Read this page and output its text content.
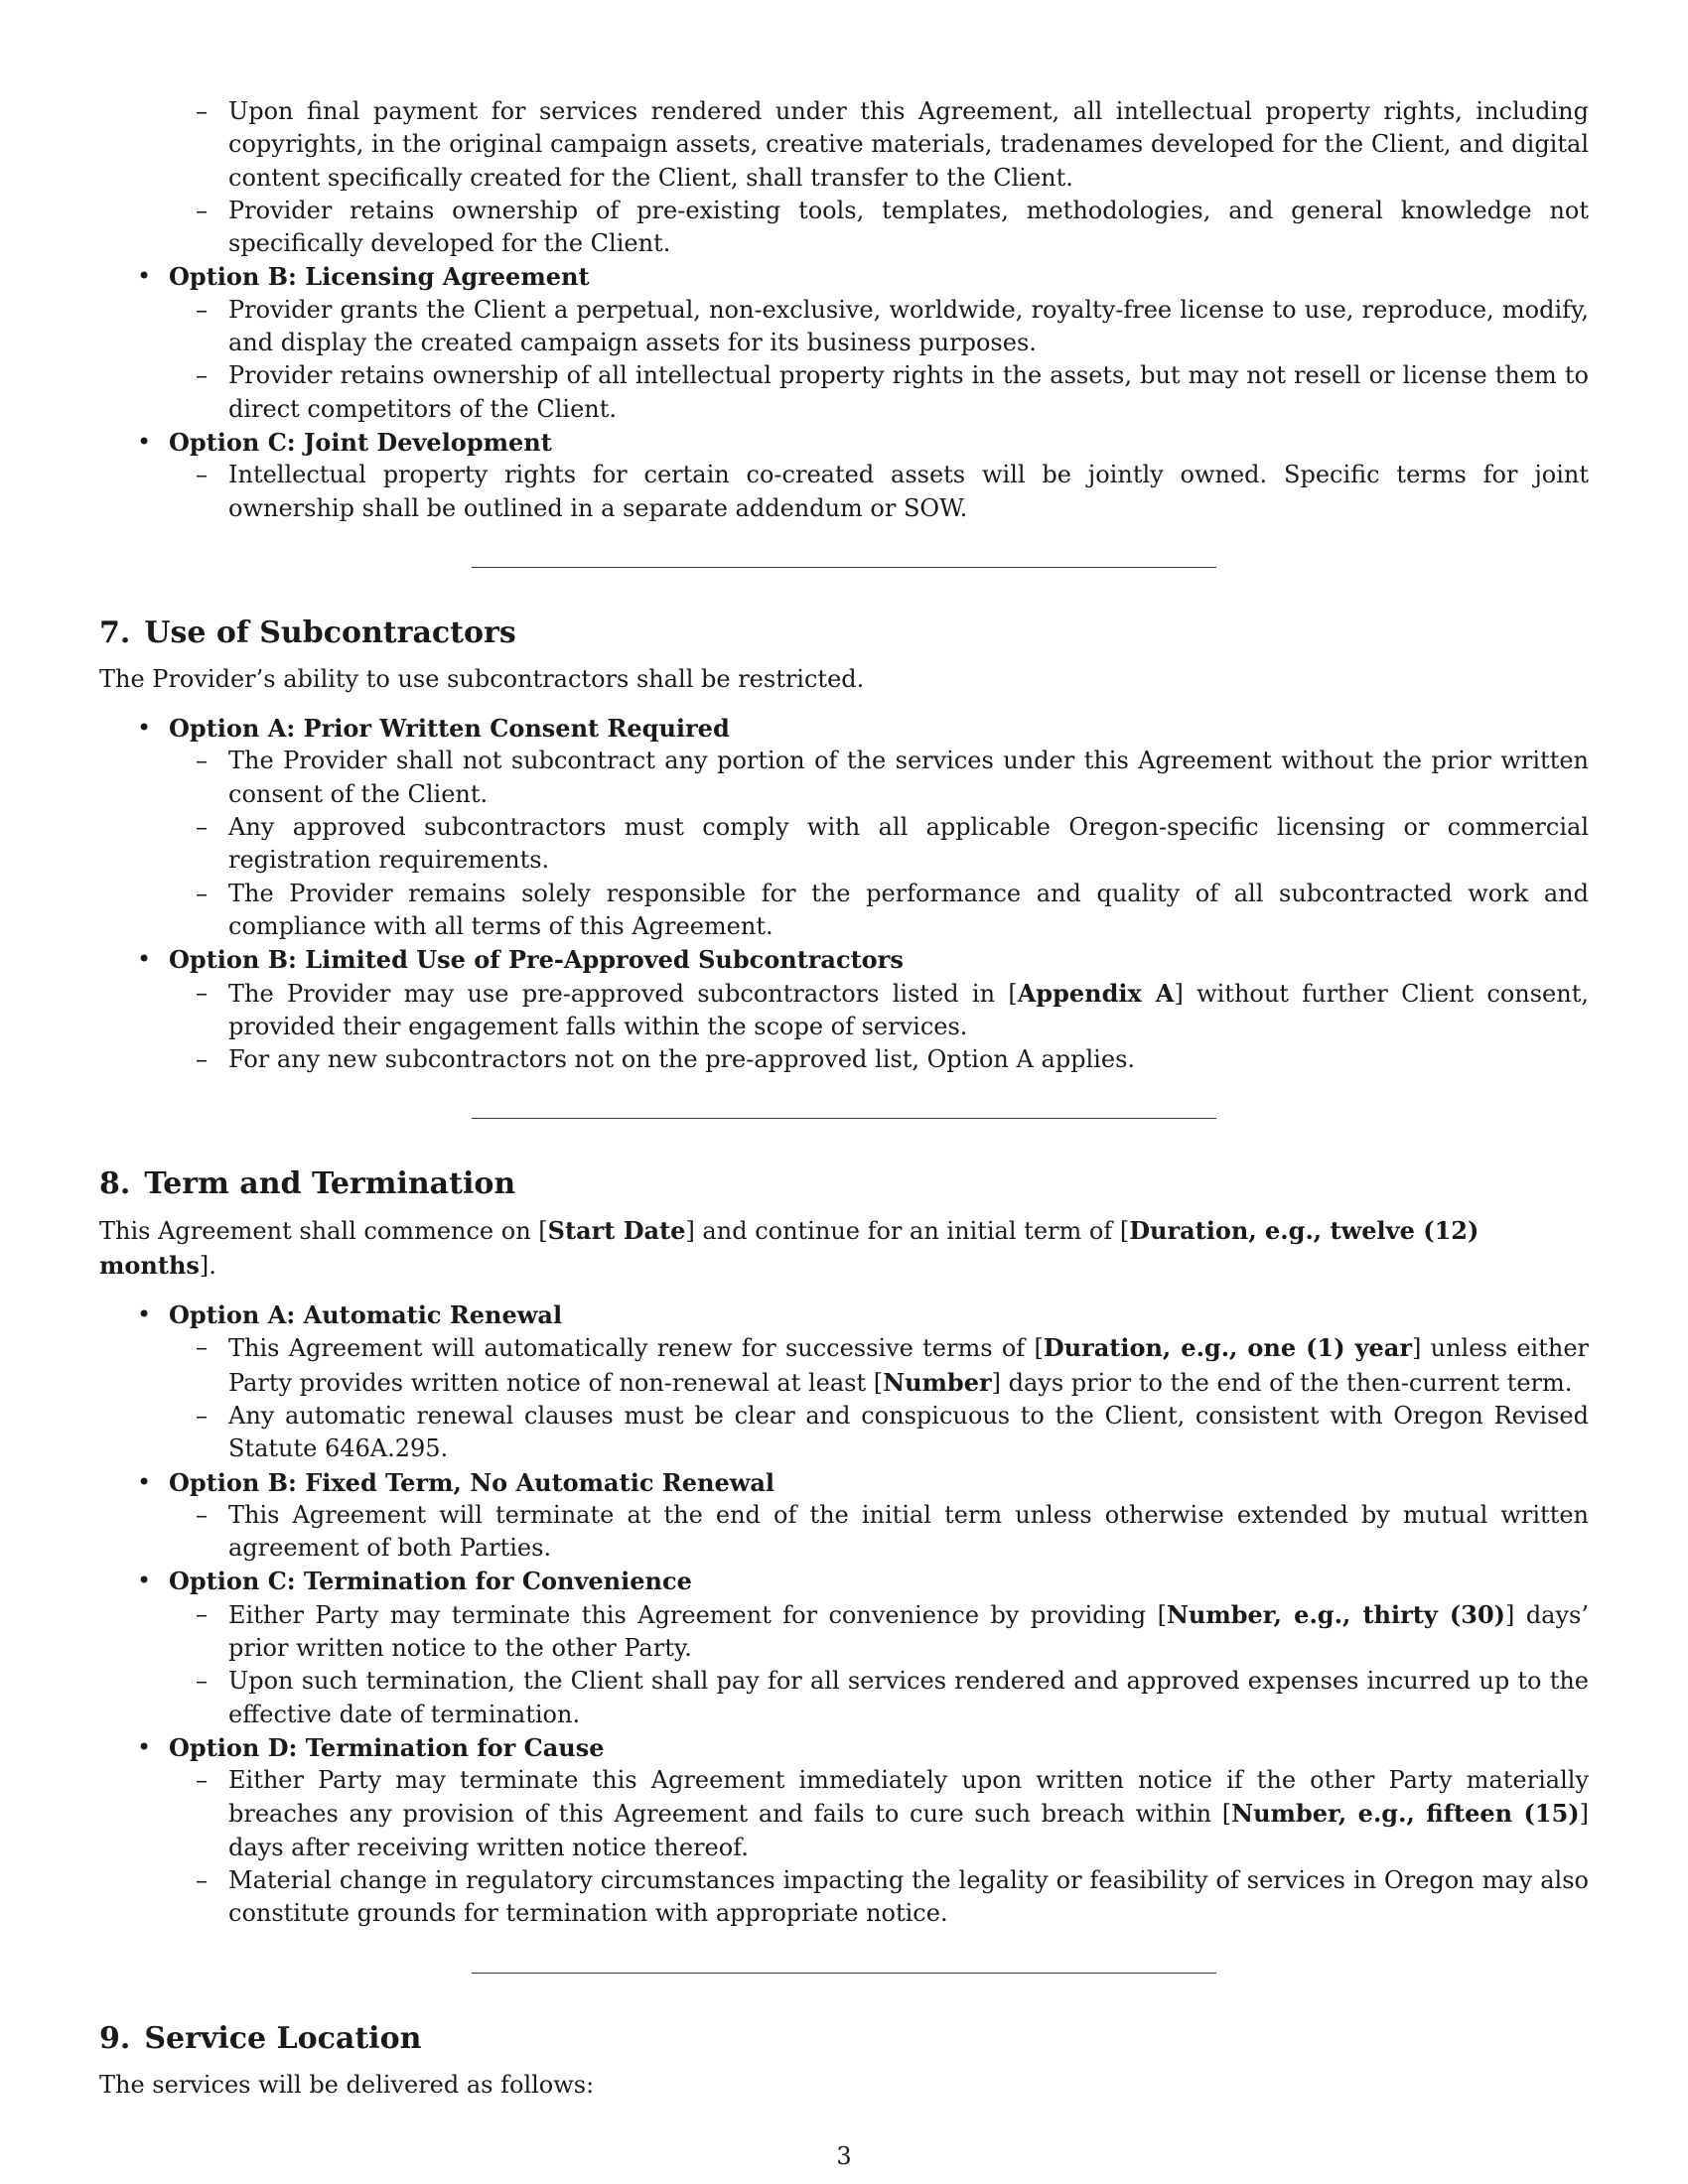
– Upon final payment for services rendered under this Agreement, all intellectual property rights, including copyrights, in the original campaign assets, creative materials, tradenames developed for the Client, and digital content specifically created for the Client, shall transfer to the Client.
– Provider retains ownership of pre-existing tools, templates, methodologies, and general knowledge not specifically developed for the Client.
• Option B: Licensing Agreement
– Provider grants the Client a perpetual, non-exclusive, worldwide, royalty-free license to use, reproduce, modify, and display the created campaign assets for its business purposes.
– Provider retains ownership of all intellectual property rights in the assets, but may not resell or license them to direct competitors of the Client.
• Option C: Joint Development
– Intellectual property rights for certain co-created assets will be jointly owned. Specific terms for joint ownership shall be outlined in a separate addendum or SOW.
7. Use of Subcontractors

The Provider’s ability to use subcontractors shall be restricted.

• Option A: Prior Written Consent Required
– The Provider shall not subcontract any portion of the services under this Agreement without the prior written consent of the Client.
– Any approved subcontractors must comply with all applicable Oregon-specific licensing or commercial registration requirements.
– The Provider remains solely responsible for the performance and quality of all subcontracted work and compliance with all terms of this Agreement.
• Option B: Limited Use of Pre-Approved Subcontractors
– The Provider may use pre-approved subcontractors listed in [Appendix A] without further Client consent, provided their engagement falls within the scope of services.
– For any new subcontractors not on the pre-approved list, Option A applies.
8. Term and Termination

This Agreement shall commence on [Start Date] and continue for an initial term of [Duration, e.g., twelve (12) months].

• Option A: Automatic Renewal
– This Agreement will automatically renew for successive terms of [Duration, e.g., one (1) year] unless either Party provides written notice of non-renewal at least [Number] days prior to the end of the then-current term.
– Any automatic renewal clauses must be clear and conspicuous to the Client, consistent with Oregon Revised Statute 646A.295.
• Option B: Fixed Term, No Automatic Renewal
– This Agreement will terminate at the end of the initial term unless otherwise extended by mutual written agreement of both Parties.
• Option C: Termination for Convenience
– Either Party may terminate this Agreement for convenience by providing [Number, e.g., thirty (30)] days’ prior written notice to the other Party.
– Upon such termination, the Client shall pay for all services rendered and approved expenses incurred up to the effective date of termination.
• Option D: Termination for Cause
– Either Party may terminate this Agreement immediately upon written notice if the other Party materially breaches any provision of this Agreement and fails to cure such breach within [Number, e.g., fifteen (15)] days after receiving written notice thereof.
– Material change in regulatory circumstances impacting the legality or feasibility of services in Oregon may also constitute grounds for termination with appropriate notice.
9. Service Location

The services will be delivered as follows:

3
